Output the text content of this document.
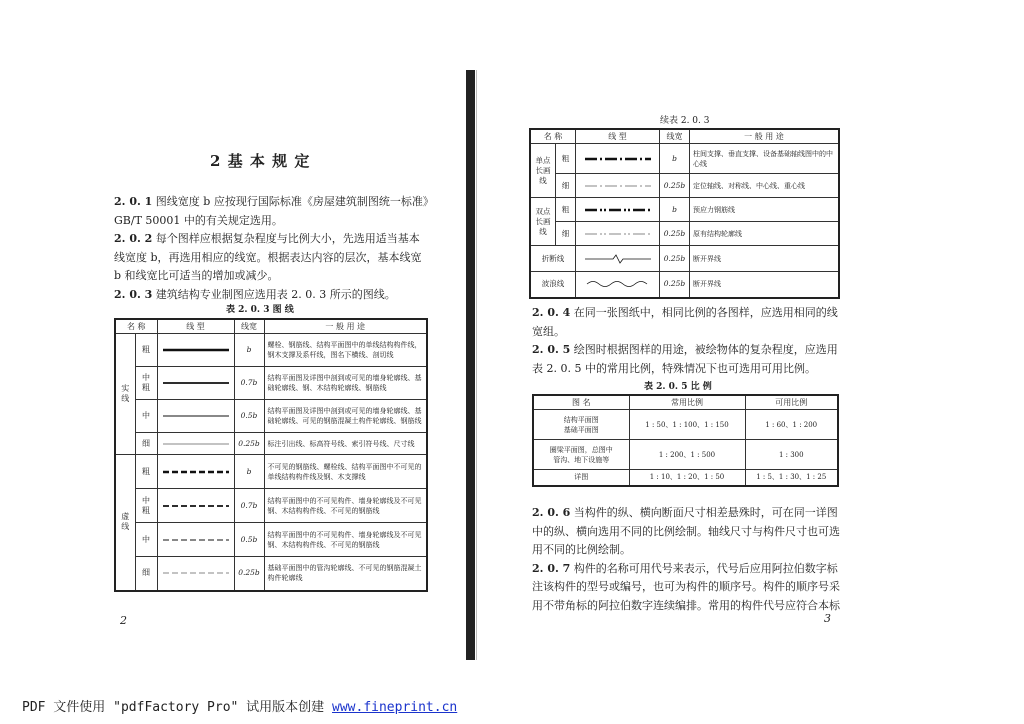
2 基 本 规 定
2. 0. 1 图线宽度 b 应按现行国际标准《房屋建筑制图统一标准》
GB/T 50001 中的有关规定选用。
2. 0. 2 每个图样应根据复杂程度与比例大小，先选用适当基本
线宽度 b，再选用相应的线宽。根据表达内容的层次，基本线宽
b 和线宽比可适当的增加或减少。
2. 0. 3 建筑结构专业制图应选用表 2. 0. 3 所示的图线。
表 2. 0. 3 图 线
名 称		线 型	线宽	一 般 用 途
实线	粗		b	螺栓、钢筋线、结构平面图中的单线结构构件线，钢木支撑及系杆线，图名下横线、剖切线
	中粗		0.7b	结构平面图及详图中剖到或可见的墙身轮廓线、基础轮廓线、钢、木结构轮廓线、钢筋线
	中		0.5b	结构平面图及详图中剖到或可见的墙身轮廓线、基础轮廓线、可见的钢筋混凝土构件轮廓线、钢筋线
	细		0.25b	标注引出线、标高符号线、索引符号线、尺寸线
虚线	粗		b	不可见的钢筋线、螺栓线、结构平面图中不可见的单线结构构件线及钢、木支撑线
	中粗		0.7b	结构平面图中的不可见构件、墙身轮廓线及不可见钢、木结构构件线、不可见的钢筋线
	中		0.5b	结构平面图中的不可见构件、墙身轮廓线及不可见钢、木结构构件线、不可见的钢筋线
	细		0.25b	基础平面图中的管沟轮廓线、不可见的钢筋混凝土构件轮廓线
2
续表 2. 0. 3
名 称		线 型	线宽	一 般 用 途
单点长画线	粗		b	柱间支撑、垂直支撑、设备基础轴线图中的中心线
	细		0.25b	定位轴线、对称线、中心线、重心线
双点长画线	粗		b	预应力钢筋线
	细		0.25b	原有结构轮廓线
折断线			0.25b	断开界线
波浪线			0.25b	断开界线
2. 0. 4 在同一张图纸中，相同比例的各图样，应选用相同的线
宽组。
2. 0. 5 绘图时根据图样的用途，被绘物体的复杂程度，应选用
表 2. 0. 5 中的常用比例，特殊情况下也可选用可用比例。
表 2. 0. 5 比 例
图 名	常用比例	可用比例
结构平面图
基础平面图	1 : 50、1 : 100、1 : 150	1 : 60、1 : 200
圈梁平面图，总图中
管沟、地下设施等	1 : 200、1 : 500	1 : 300
详图	1 : 10、1 : 20、1 : 50	1 : 5、1 : 30、1 : 25
2. 0. 6 当构件的纵、横向断面尺寸相差悬殊时，可在同一详图
中的纵、横向选用不同的比例绘制。轴线尺寸与构件尺寸也可选
用不同的比例绘制。
2. 0. 7 构件的名称可用代号来表示，代号后应用阿拉伯数字标
注该构件的型号或编号，也可为构件的顺序号。构件的顺序号采
用不带角标的阿拉伯数字连续编排。常用的构件代号应符合本标
3
PDF 文件使用 "pdfFactory Pro" 试用版本创建 www.fineprint.cn
